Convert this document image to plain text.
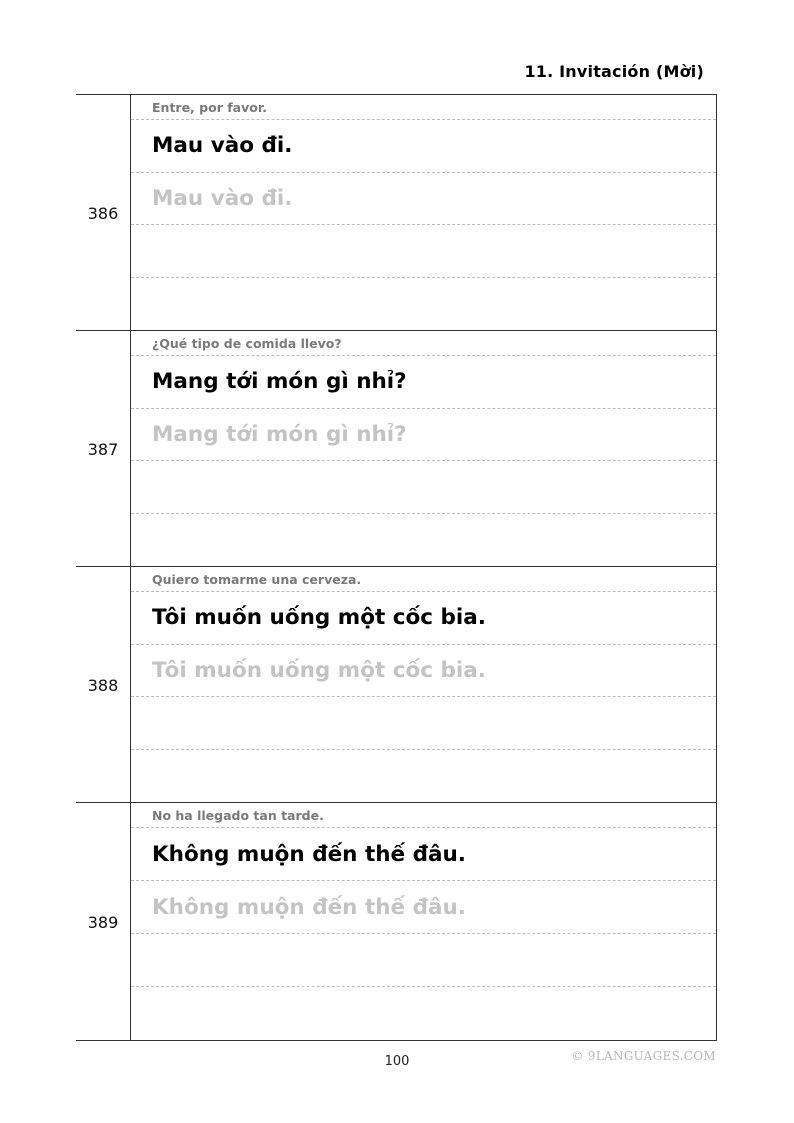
11. Invitación (Mời)
386
Entre, por favor.
Mau vào đi.
Mau vào đi.
387
¿Qué tipo de comida llevo?
Mang tới món gì nhỉ?
Mang tới món gì nhỉ?
388
Quiero tomarme una cerveza.
Tôi muốn uống một cốc bia.
Tôi muốn uống một cốc bia.
389
No ha llegado tan tarde.
Không muộn đến thế đâu.
Không muộn đến thế đâu.
100	© 9LANGUAGES.COM
